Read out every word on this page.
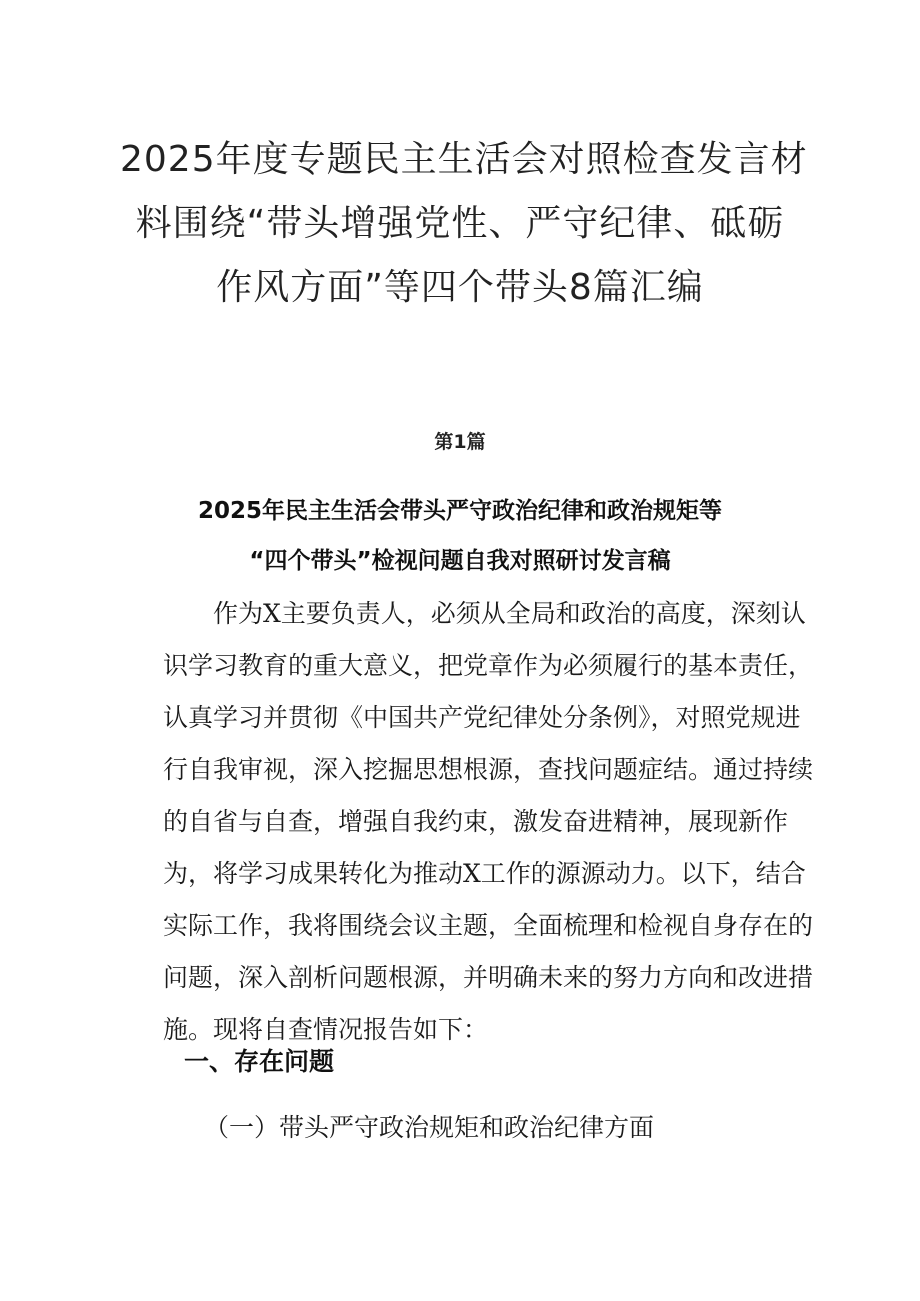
2025年度专题民主生活会对照检查发言材
料围绕“带头增强党性、严守纪律、砥砺
作风方面”等四个带头8篇汇编
第1篇
2025年民主生活会带头严守政治纪律和政治规矩等
“四个带头”检视问题自我对照研讨发言稿
作为X主要负责人，必须从全局和政治的高度，深刻认
识学习教育的重大意义，把党章作为必须履行的基本责任，
认真学习并贯彻《中国共产党纪律处分条例》，对照党规进
行自我审视，深入挖掘思想根源，查找问题症结。通过持续
的自省与自查，增强自我约束，激发奋进精神，展现新作
为，将学习成果转化为推动X工作的源源动力。以下，结合
实际工作，我将围绕会议主题，全面梳理和检视自身存在的
问题，深入剖析问题根源，并明确未来的努力方向和改进措
施。现将自查情况报告如下：
一、存在问题
（一）带头严守政治规矩和政治纪律方面
